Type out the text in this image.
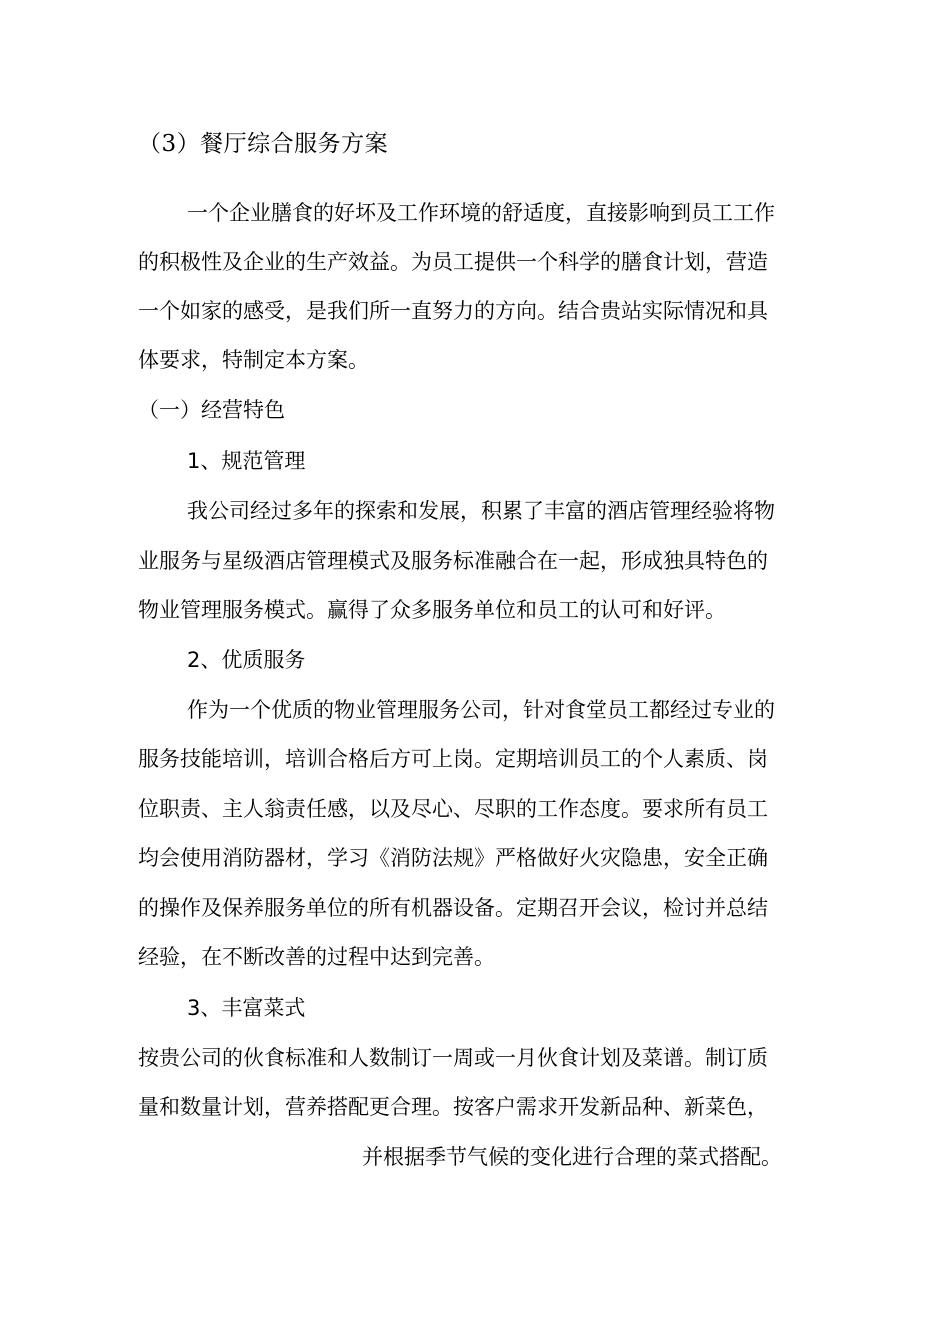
（3）餐厅综合服务方案
一个企业膳食的好坏及工作环境的舒适度，直接影响到员工工作
的积极性及企业的生产效益。为员工提供一个科学的膳食计划，营造
一个如家的感受，是我们所一直努力的方向。结合贵站实际情况和具
体要求，特制定本方案。
（一）经营特色
1、规范管理
我公司经过多年的探索和发展，积累了丰富的酒店管理经验将物
业服务与星级酒店管理模式及服务标准融合在一起，形成独具特色的
物业管理服务模式。赢得了众多服务单位和员工的认可和好评。
2、优质服务
作为一个优质的物业管理服务公司，针对食堂员工都经过专业的
服务技能培训，培训合格后方可上岗。定期培训员工的个人素质、岗
位职责、主人翁责任感，以及尽心、尽职的工作态度。要求所有员工
均会使用消防器材，学习《消防法规》严格做好火灾隐患，安全正确
的操作及保养服务单位的所有机器设备。定期召开会议，检讨并总结
经验，在不断改善的过程中达到完善。
3、丰富菜式
按贵公司的伙食标准和人数制订一周或一月伙食计划及菜谱。制订质
量和数量计划，营养搭配更合理。按客户需求开发新品种、新菜色，
并根据季节气候的变化进行合理的菜式搭配。
